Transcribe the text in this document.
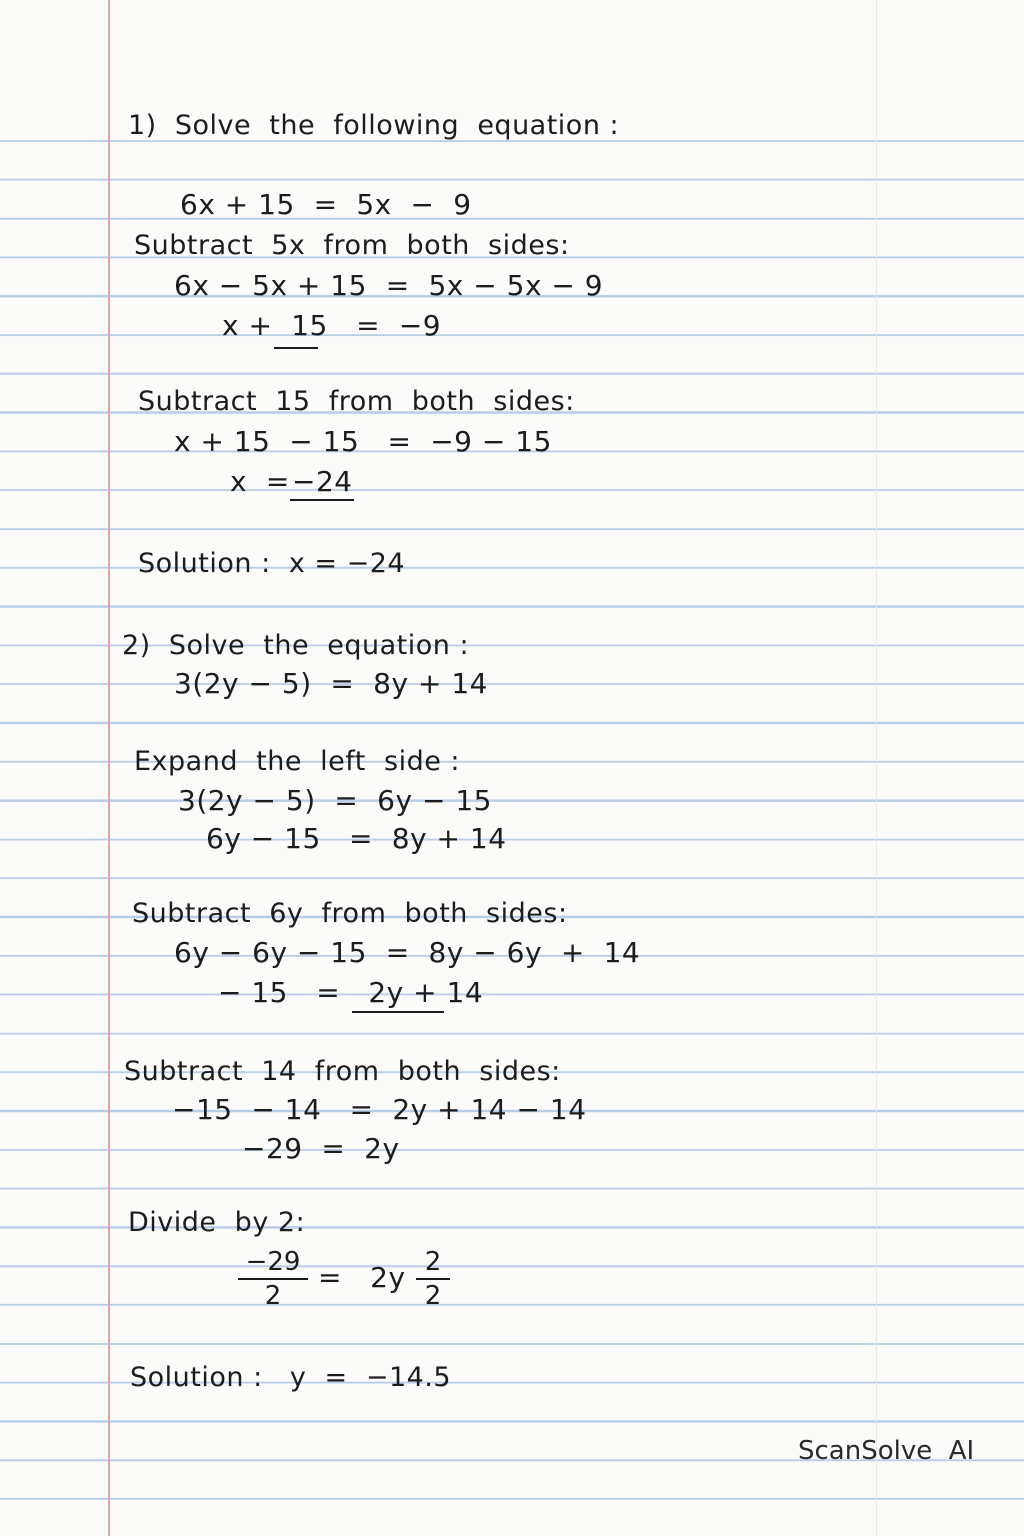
1)  Solve  the  following  equation :
6x + 15  =  5x  −  9
Subtract  5x  from  both  sides:
6x − 5x + 15  =  5x − 5x − 9
x +  15   =  −9
Subtract  15  from  both  sides:
x + 15  − 15   =  −9 − 15
x  = −24
Solution :  x = −24
2)  Solve  the  equation :
3(2y − 5)  =  8y + 14
Expand  the  left  side :
3(2y − 5)  =  6y − 15
6y − 15   =  8y + 14
Subtract  6y  from  both  sides:
6y − 6y − 15  =  8y − 6y  +  14
− 15   =   2y + 14
Subtract  14  from  both  sides:
−15  − 14   =  2y + 14 − 14
−29  =  2y
Divide  by 2:
−29
2
=   2y 2
2
Solution :   y  =  −14.5
ScanSolve  AI
